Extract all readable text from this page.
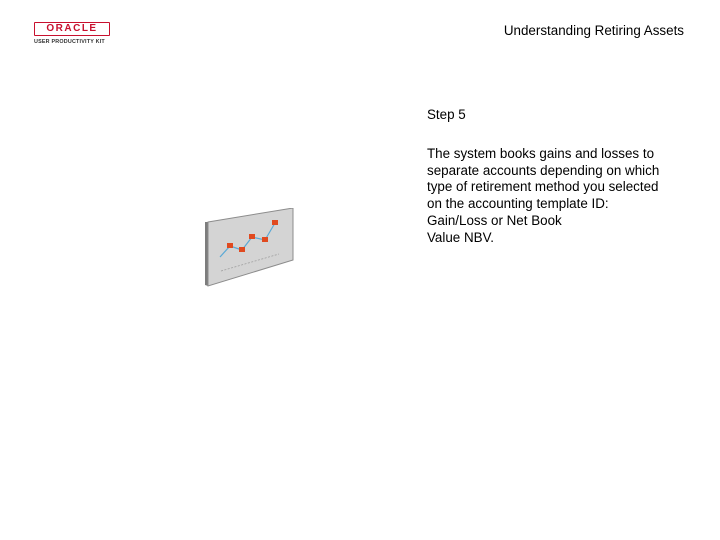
ORACLE
USER PRODUCTIVITY KIT
Understanding Retiring Assets

Step 5

The system books gains and losses to
separate accounts depending on which
type of retirement method you selected
on the accounting template ID:
Gain/Loss or Net Book
Value NBV.
